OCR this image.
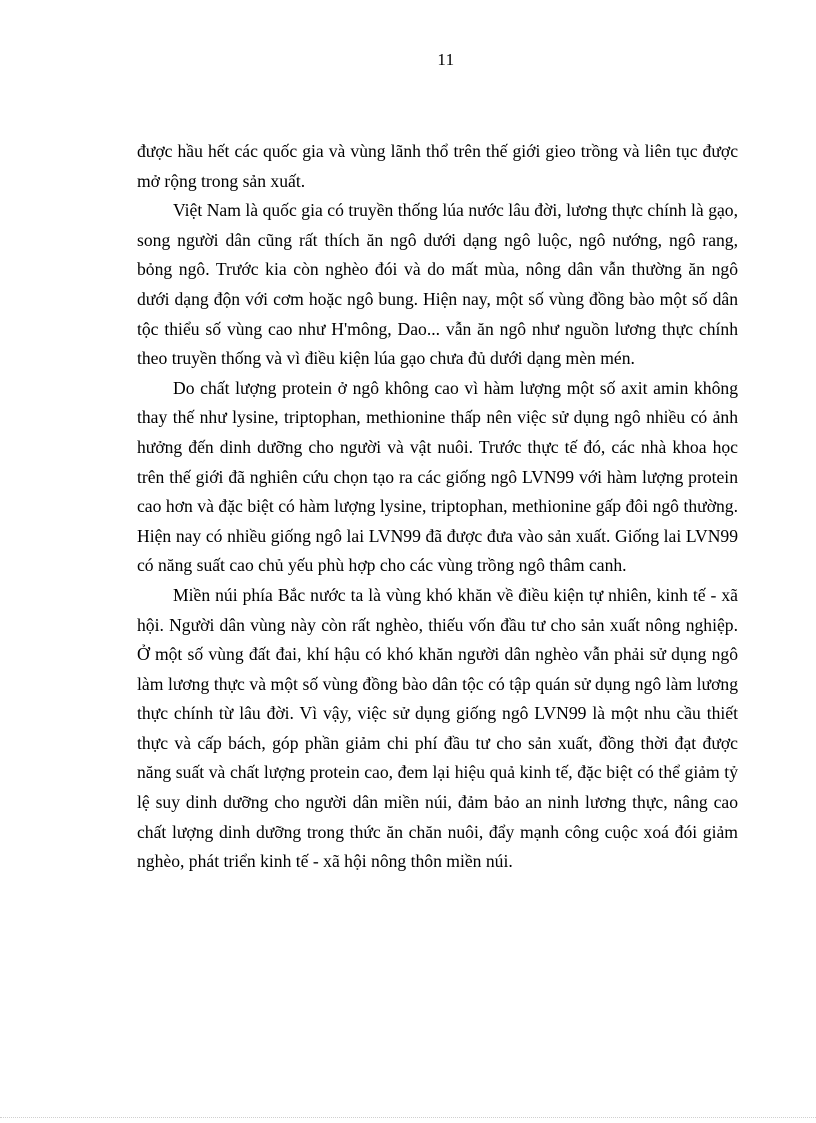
11

được hầu hết các quốc gia và vùng lãnh thổ trên thế giới gieo trồng và liên tục được mở rộng trong sản xuất.

Việt Nam là quốc gia có truyền thống lúa nước lâu đời, lương thực chính là gạo, song người dân cũng rất thích ăn ngô dưới dạng ngô luộc, ngô nướng, ngô rang, bỏng ngô. Trước kia còn nghèo đói và do mất mùa, nông dân vẫn thường ăn ngô dưới dạng độn với cơm hoặc ngô bung. Hiện nay, một số vùng đồng bào một số dân tộc thiểu số vùng cao như H'mông, Dao... vẫn ăn ngô như nguồn lương thực chính theo truyền thống và vì điều kiện lúa gạo chưa đủ dưới dạng mèn mén.

Do chất lượng protein ở ngô không cao vì hàm lượng một số axit amin không thay thế như lysine, triptophan, methionine thấp nên việc sử dụng ngô nhiều có ảnh hưởng đến dinh dưỡng cho người và vật nuôi. Trước thực tế đó, các nhà khoa học trên thế giới đã nghiên cứu chọn tạo ra các giống ngô LVN99 với hàm lượng protein cao hơn và đặc biệt có hàm lượng lysine, triptophan, methionine gấp đôi ngô thường. Hiện nay có nhiều giống ngô lai LVN99 đã được đưa vào sản xuất. Giống lai LVN99 có năng suất cao chủ yếu phù hợp cho các vùng trồng ngô thâm canh.

Miền núi phía Bắc nước ta là vùng khó khăn về điều kiện tự nhiên, kinh tế - xã hội. Người dân vùng này còn rất nghèo, thiếu vốn đầu tư cho sản xuất nông nghiệp. Ở một số vùng đất đai, khí hậu có khó khăn người dân nghèo vẫn phải sử dụng ngô làm lương thực và một số vùng đồng bào dân tộc có tập quán sử dụng ngô làm lương thực chính từ lâu đời. Vì vậy, việc sử dụng giống ngô LVN99 là một nhu cầu thiết thực và cấp bách, góp phần giảm chi phí đầu tư cho sản xuất, đồng thời đạt được năng suất và chất lượng protein cao, đem lại hiệu quả kinh tế, đặc biệt có thể giảm tỷ lệ suy dinh dưỡng cho người dân miền núi, đảm bảo an ninh lương thực, nâng cao chất lượng dinh dưỡng trong thức ăn chăn nuôi, đẩy mạnh công cuộc xoá đói giảm nghèo, phát triển kinh tế - xã hội nông thôn miền núi.
